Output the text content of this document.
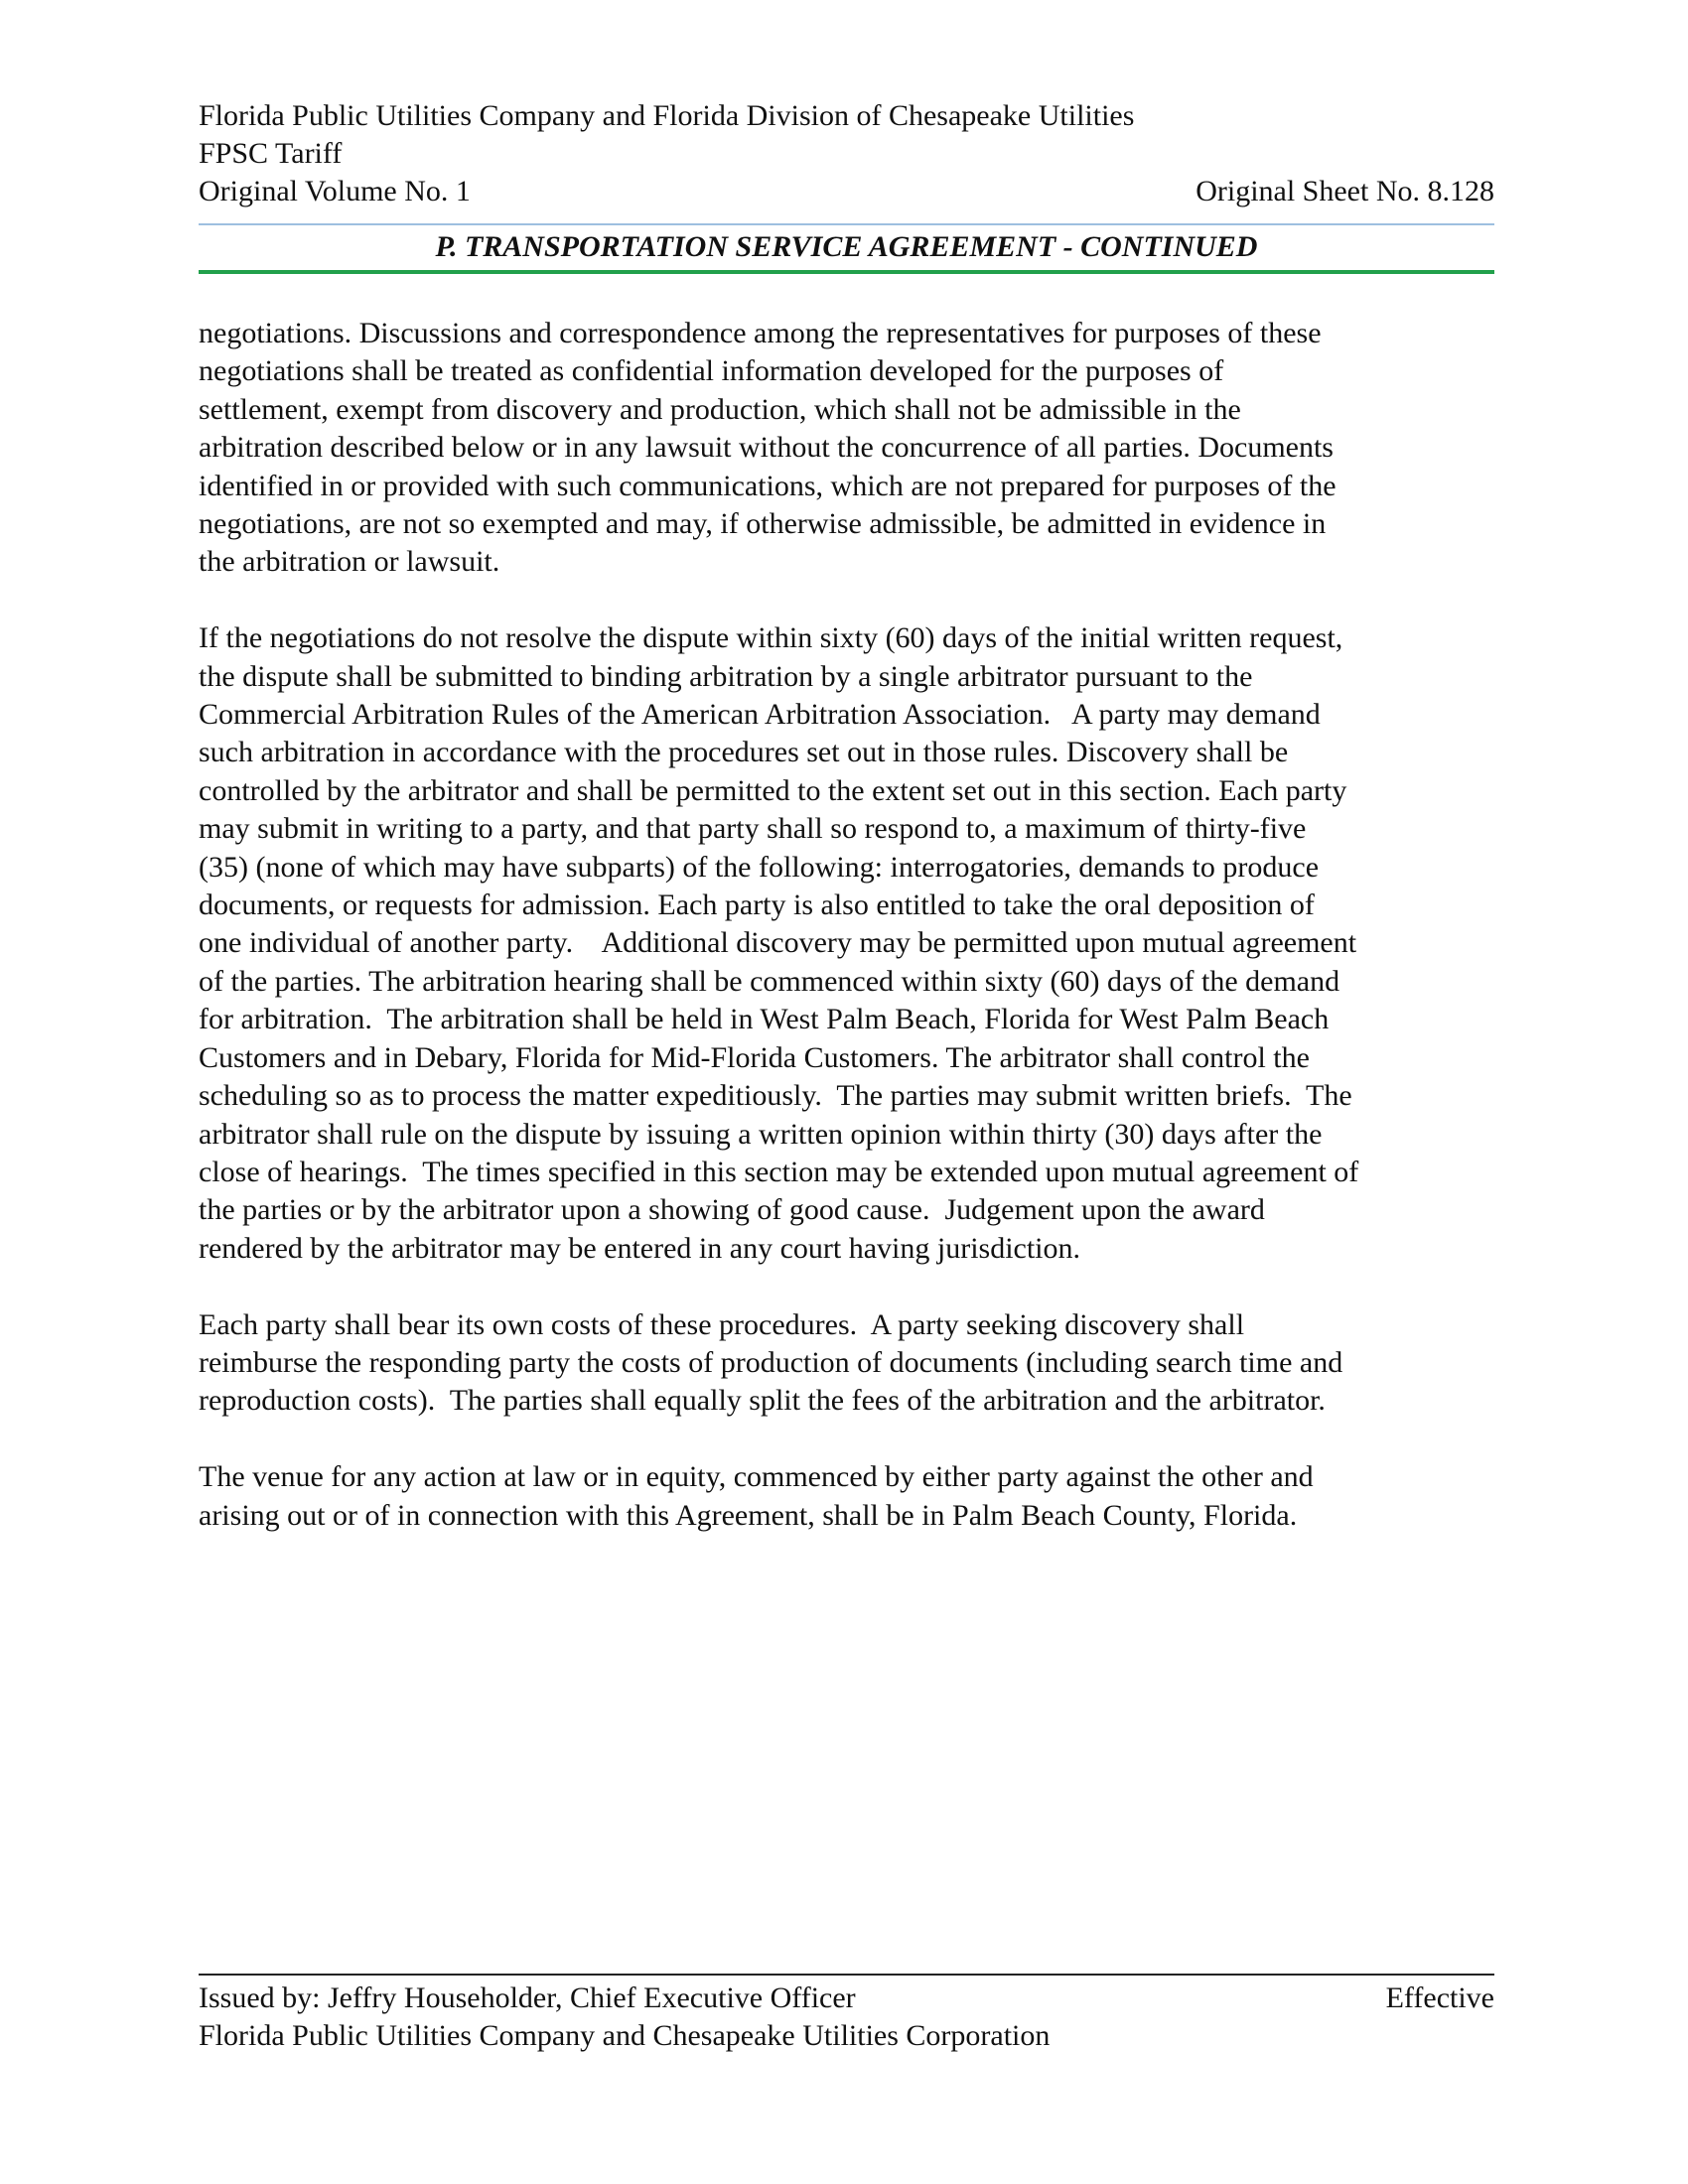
Florida Public Utilities Company and Florida Division of Chesapeake Utilities
FPSC Tariff
Original Volume No. 1	Original Sheet No. 8.128
P. TRANSPORTATION SERVICE AGREEMENT - CONTINUED
negotiations. Discussions and correspondence among the representatives for purposes of these
negotiations shall be treated as confidential information developed for the purposes of
settlement, exempt from discovery and production, which shall not be admissible in the
arbitration described below or in any lawsuit without the concurrence of all parties. Documents
identified in or provided with such communications, which are not prepared for purposes of the
negotiations, are not so exempted and may, if otherwise admissible, be admitted in evidence in
the arbitration or lawsuit.
If the negotiations do not resolve the dispute within sixty (60) days of the initial written request,
the dispute shall be submitted to binding arbitration by a single arbitrator pursuant to the
Commercial Arbitration Rules of the American Arbitration Association.   A party may demand
such arbitration in accordance with the procedures set out in those rules. Discovery shall be
controlled by the arbitrator and shall be permitted to the extent set out in this section. Each party
may submit in writing to a party, and that party shall so respond to, a maximum of thirty-five
(35) (none of which may have subparts) of the following: interrogatories, demands to produce
documents, or requests for admission. Each party is also entitled to take the oral deposition of
one individual of another party.    Additional discovery may be permitted upon mutual agreement
of the parties. The arbitration hearing shall be commenced within sixty (60) days of the demand
for arbitration.  The arbitration shall be held in West Palm Beach, Florida for West Palm Beach
Customers and in Debary, Florida for Mid-Florida Customers. The arbitrator shall control the
scheduling so as to process the matter expeditiously.  The parties may submit written briefs.  The
arbitrator shall rule on the dispute by issuing a written opinion within thirty (30) days after the
close of hearings.  The times specified in this section may be extended upon mutual agreement of
the parties or by the arbitrator upon a showing of good cause.  Judgement upon the award
rendered by the arbitrator may be entered in any court having jurisdiction.
Each party shall bear its own costs of these procedures.  A party seeking discovery shall
reimburse the responding party the costs of production of documents (including search time and
reproduction costs).  The parties shall equally split the fees of the arbitration and the arbitrator.
The venue for any action at law or in equity, commenced by either party against the other and
arising out or of in connection with this Agreement, shall be in Palm Beach County, Florida.
Issued by: Jeffry Householder, Chief Executive Officer	Effective
Florida Public Utilities Company and Chesapeake Utilities Corporation
